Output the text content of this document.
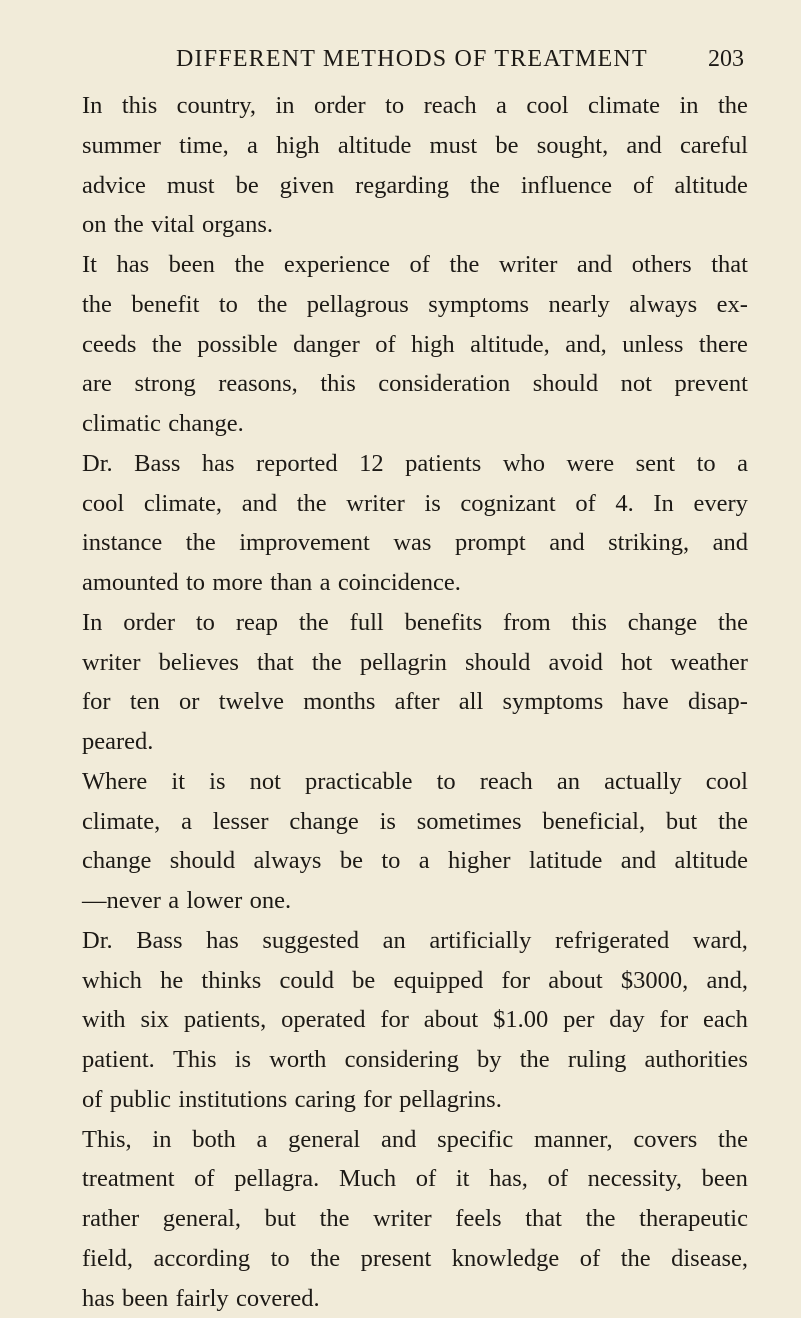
DIFFERENT METHODS OF TREATMENT	203
In this country, in order to reach a cool climate in the
summer time, a high altitude must be sought, and careful
advice must be given regarding the influence of altitude
on the vital organs.
It has been the experience of the writer and others that
the benefit to the pellagrous symptoms nearly always ex-
ceeds the possible danger of high altitude, and, unless there
are strong reasons, this consideration should not prevent
climatic change.
Dr. Bass has reported 12 patients who were sent to a
cool climate, and the writer is cognizant of 4. In every
instance the improvement was prompt and striking, and
amounted to more than a coincidence.
In order to reap the full benefits from this change the
writer believes that the pellagrin should avoid hot weather
for ten or twelve months after all symptoms have disap-
peared.
Where it is not practicable to reach an actually cool
climate, a lesser change is sometimes beneficial, but the
change should always be to a higher latitude and altitude
—never a lower one.
Dr. Bass has suggested an artificially refrigerated ward,
which he thinks could be equipped for about $3000, and,
with six patients, operated for about $1.00 per day for each
patient. This is worth considering by the ruling authorities
of public institutions caring for pellagrins.
This, in both a general and specific manner, covers the
treatment of pellagra. Much of it has, of necessity, been
rather general, but the writer feels that the therapeutic
field, according to the present knowledge of the disease,
has been fairly covered.
